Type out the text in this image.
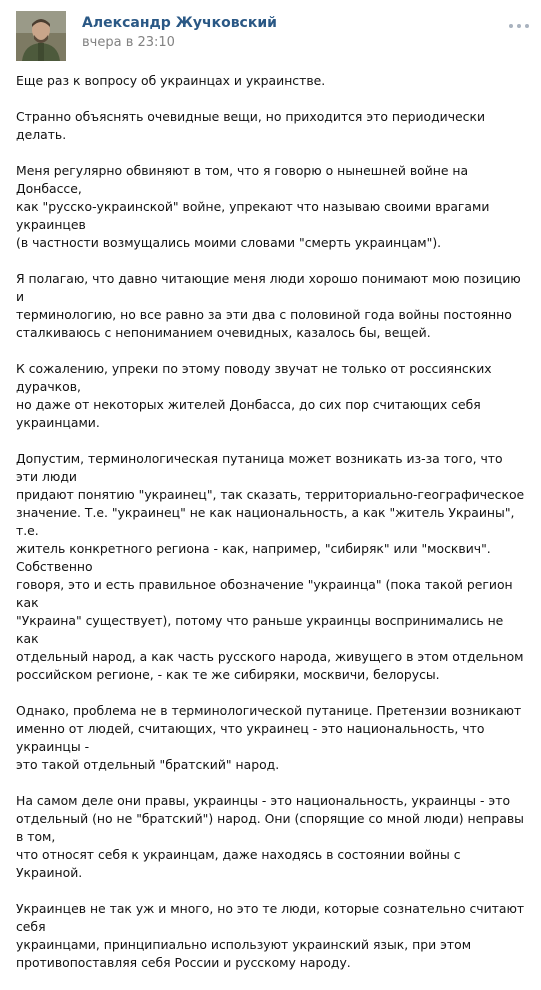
Александр Жучковский
вчера в 23:10

Еще раз к вопросу об украинцах и украинстве.

Странно объяснять очевидные вещи, но приходится это периодически делать.

Меня регулярно обвиняют в том, что я говорю о нынешней войне на Донбассе,
как "русско-украинской" войне, упрекают что называю своими врагами украинцев
(в частности возмущались моими словами "смерть украинцам").

Я полагаю, что давно читающие меня люди хорошо понимают мою позицию и
терминологию, но все равно за эти два с половиной года войны постоянно
сталкиваюсь с непониманием очевидных, казалось бы, вещей.

К сожалению, упреки по этому поводу звучат не только от россиянских дурачков,
но даже от некоторых жителей Донбасса, до сих пор считающих себя украинцами.

Допустим, терминологическая путаница может возникать из-за того, что эти люди
придают понятию "украинец", так сказать, территориально-географическое
значение. Т.е. "украинец" не как национальность, а как "житель Украины", т.е.
житель конкретного региона - как, например, "сибиряк" или "москвич". Собственно
говоря, это и есть правильное обозначение "украинца" (пока такой регион как
"Украина" существует), потому что раньше украинцы воспринимались не как
отдельный народ, а как часть русского народа, живущего в этом отдельном
российском регионе, - как те же сибиряки, москвичи, белорусы.

Однако, проблема не в терминологической путанице. Претензии возникают
именно от людей, считающих, что украинец - это национальность, что украинцы -
это такой отдельный "братский" народ.

На самом деле они правы, украинцы - это национальность, украинцы - это
отдельный (но не "братский") народ. Они (спорящие со мной люди) неправы в том,
что относят себя к украинцам, даже находясь в состоянии войны с Украиной.

Украинцев не так уж и много, но это те люди, которые сознательно считают себя
украинцами, принципиально используют украинский язык, при этом
противопоставляя себя России и русскому народу.
